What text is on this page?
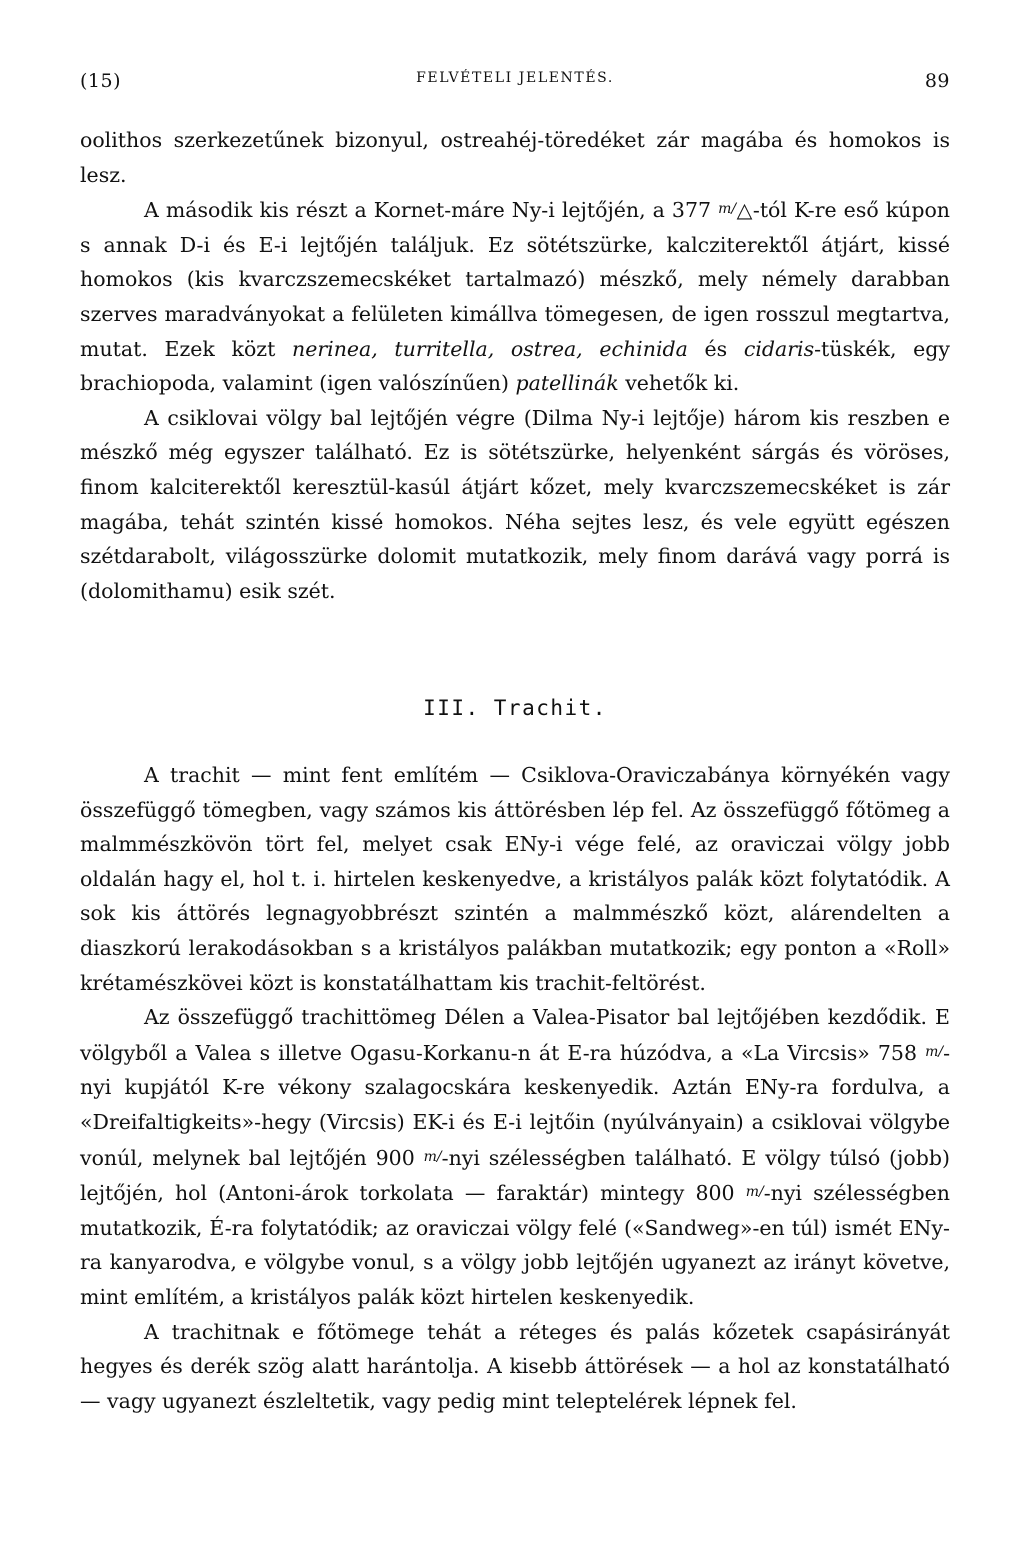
(15)	FELVÉTELI JELENTÉS.	89

oolithos szerkezetűnek bizonyul, ostreahéj-töredéket zár magába és homokos is lesz.

A második kis részt a Kornet-máre Ny-i lejtőjén, a 377 m/△-tól K-re eső kúpon s annak D-i és E-i lejtőjén találjuk. Ez sötétszürke, kalcziterektől átjárt, kissé homokos (kis kvarczszemecskéket tartalmazó) mészkő, mely némely darabban szerves maradványokat a felületen kimállva tömegesen, de igen rosszul megtartva, mutat. Ezek közt nerinea, turritella, ostrea, echinida és cidaris-tüskék, egy brachiopoda, valamint (igen valószínűen) patellinák vehetők ki.

A csiklovai völgy bal lejtőjén végre (Dilma Ny-i lejtője) három kis reszben e mészkő még egyszer található. Ez is sötétszürke, helyenként sárgás és vöröses, finom kalciterektől keresztül-kasúl átjárt kőzet, mely kvarczszemecskéket is zár magába, tehát szintén kissé homokos. Néha sejtes lesz, és vele együtt egészen szétdarabolt, világosszürke dolomit mutatkozik, mely finom darává vagy porrá is (dolomithamu) esik szét.

III. Trachit.

A trachit — mint fent említém — Csiklova-Oraviczabánya környékén vagy összefüggő tömegben, vagy számos kis áttörésben lép fel. Az összefüggő főtömeg a malmmészkövön tört fel, melyet csak ENy-i vége felé, az oraviczai völgy jobb oldalán hagy el, hol t. i. hirtelen keskenyedve, a kristályos palák közt folytatódik. A sok kis áttörés legnagyobbrészt szintén a malmmészkő közt, alárendelten a diaszkorú lerakodásokban s a kristályos palákban mutatkozik; egy ponton a «Roll» krétamészkövei közt is konstatálhattam kis trachit-feltörést.

Az összefüggő trachittömeg Délen a Valea-Pisator bal lejtőjében kezdődik. E völgyből a Valea s illetve Ogasu-Korkanu-n át E-ra húzódva, a «La Vircsis» 758 m/-nyi kupjától K-re vékony szalagocskára keskenyedik. Aztán ENy-ra fordulva, a «Dreifaltigkeits»-hegy (Vircsis) EK-i és E-i lejtőin (nyúlványain) a csiklovai völgybe vonúl, melynek bal lejtőjén 900 m/-nyi szélességben található. E völgy túlsó (jobb) lejtőjén, hol (Antoni-árok torkolata — faraktár) mintegy 800 m/-nyi szélességben mutatkozik, É-ra folytatódik; az oraviczai völgy felé («Sandweg»-en túl) ismét ENy-ra kanyarodva, e völgybe vonul, s a völgy jobb lejtőjén ugyanezt az irányt követve, mint említém, a kristályos palák közt hirtelen keskenyedik.

A trachitnak e főtömege tehát a réteges és palás kőzetek csapásirányát hegyes és derék szög alatt harántolja. A kisebb áttörések — a hol az konstatálható — vagy ugyanezt észleltetik, vagy pedig mint teleptelérek lépnek fel.
